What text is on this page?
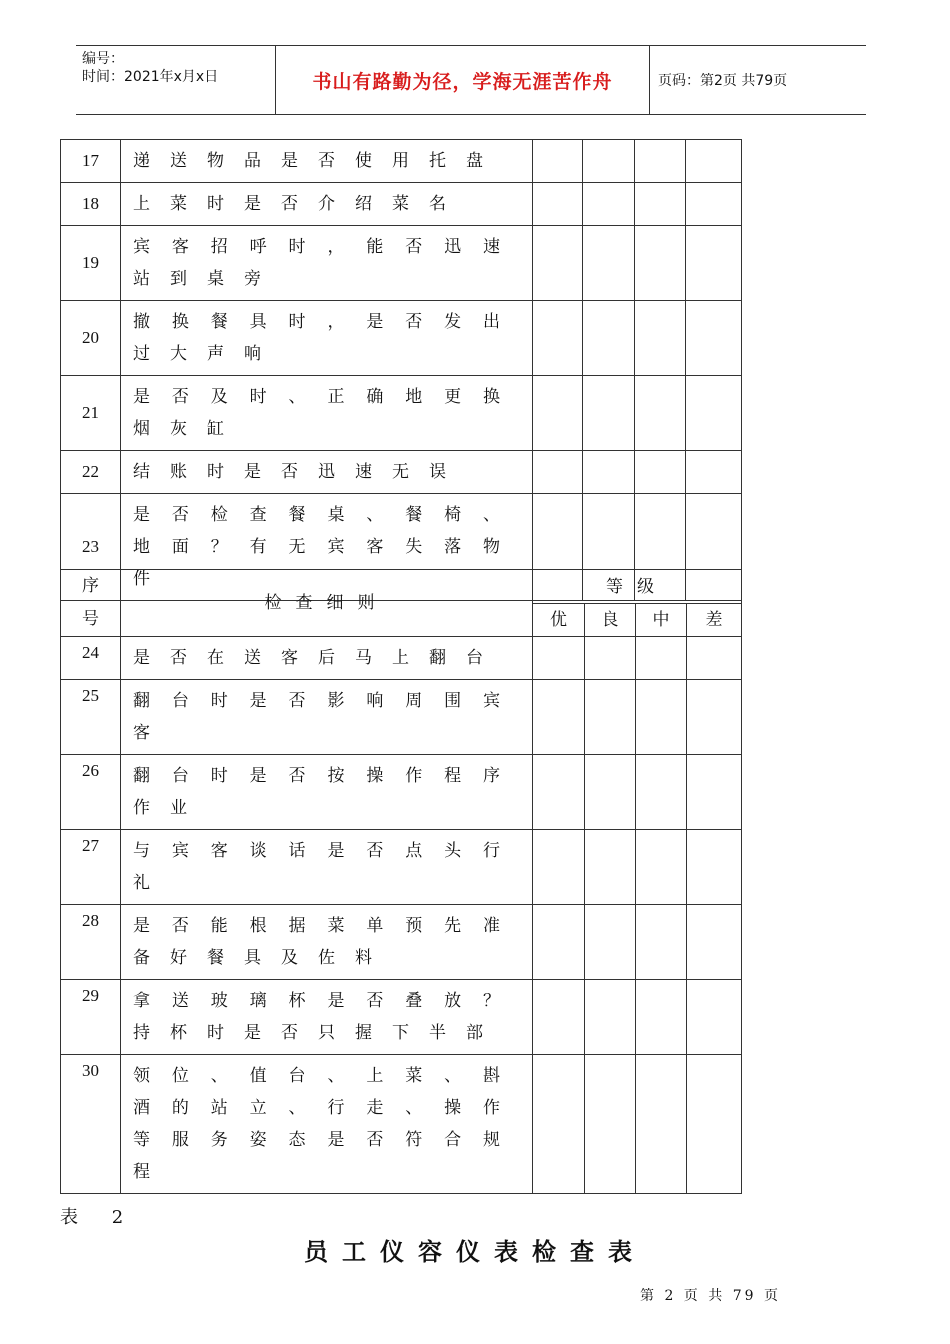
编号：
时间：2021年x月x日	书山有路勤为径，学海无涯苦作舟	页码：第2页 共79页
17	递送物品是否使用托盘				
18	上菜时是否介绍菜名				
19	宾客招呼时，能否迅速站到桌旁				
20	撤换餐具时，是否发出过大声响				
21	是否及时、正确地更换烟灰缸				
22	结账时是否迅速无误				
23	是否检查餐桌、餐椅、地面？有无宾客失落物件				
序号	检查细则	等级			
		优	良	中	差
24	是否在送客后马上翻台				
25	翻台时是否影响周围宾客				
26	翻台时是否按操作程序作业				
27	与宾客谈话是否点头行礼				
28	是否能根据菜单预先准备好餐具及佐料				
29	拿送玻璃杯是否叠放？持杯时是否只握下半部				
30	领位、值台、上菜、斟酒的站立、行走、操作等服务姿态是否符合规程				
表 2
员工仪容仪表检查表
第 2 页 共 79 页
